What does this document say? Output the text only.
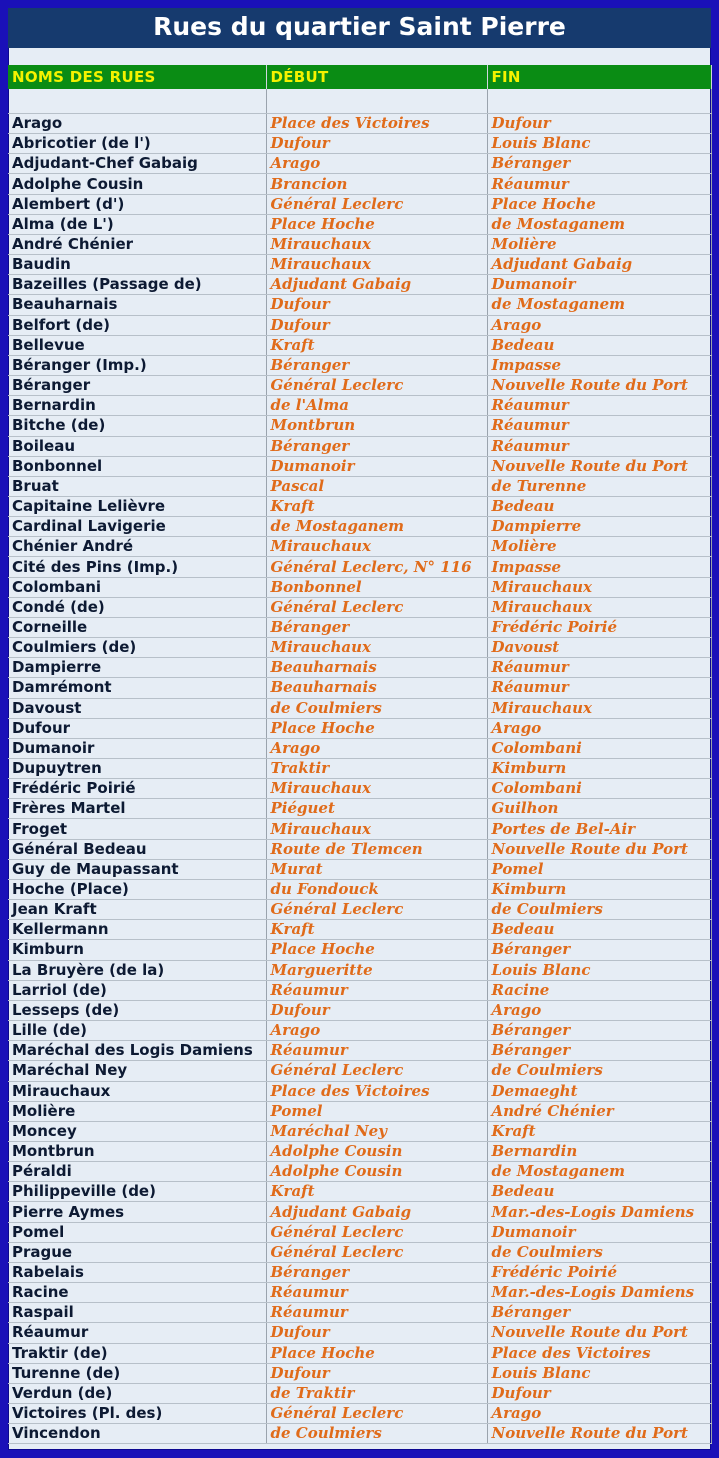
Rues du quartier Saint Pierre
NOMS DES RUES	DÉBUT	FIN

Arago	Place des Victoires	Dufour
Abricotier (de l')	Dufour	Louis Blanc
Adjudant-Chef Gabaig	Arago	Béranger
Adolphe Cousin	Brancion	Réaumur
Alembert (d')	Général Leclerc	Place Hoche
Alma (de L')	Place Hoche	de Mostaganem
André Chénier	Mirauchaux	Molière
Baudin	Mirauchaux	Adjudant Gabaig
Bazeilles (Passage de)	Adjudant Gabaig	Dumanoir
Beauharnais	Dufour	de Mostaganem
Belfort (de)	Dufour	Arago
Bellevue	Kraft	Bedeau
Béranger (Imp.)	Béranger	Impasse
Béranger	Général Leclerc	Nouvelle Route du Port
Bernardin	de l'Alma	Réaumur
Bitche (de)	Montbrun	Réaumur
Boileau	Béranger	Réaumur
Bonbonnel	Dumanoir	Nouvelle Route du Port
Bruat	Pascal	de Turenne
Capitaine Lelièvre	Kraft	Bedeau
Cardinal Lavigerie	de Mostaganem	Dampierre
Chénier André	Mirauchaux	Molière
Cité des Pins (Imp.)	Général Leclerc, N° 116	Impasse
Colombani	Bonbonnel	Mirauchaux
Condé (de)	Général Leclerc	Mirauchaux
Corneille	Béranger	Frédéric Poirié
Coulmiers (de)	Mirauchaux	Davoust
Dampierre	Beauharnais	Réaumur
Damrémont	Beauharnais	Réaumur
Davoust	de Coulmiers	Mirauchaux
Dufour	Place Hoche	Arago
Dumanoir	Arago	Colombani
Dupuytren	Traktir	Kimburn
Frédéric Poirié	Mirauchaux	Colombani
Frères Martel	Piéguet	Guilhon
Froget	Mirauchaux	Portes de Bel-Air
Général Bedeau	Route de Tlemcen	Nouvelle Route du Port
Guy de Maupassant	Murat	Pomel
Hoche (Place)	du Fondouck	Kimburn
Jean Kraft	Général Leclerc	de Coulmiers
Kellermann	Kraft	Bedeau
Kimburn	Place Hoche	Béranger
La Bruyère (de la)	Margueritte	Louis Blanc
Larriol (de)	Réaumur	Racine
Lesseps (de)	Dufour	Arago
Lille (de)	Arago	Béranger
Maréchal des Logis Damiens	Réaumur	Béranger
Maréchal Ney	Général Leclerc	de Coulmiers
Mirauchaux	Place des Victoires	Demaeght
Molière	Pomel	André Chénier
Moncey	Maréchal Ney	Kraft
Montbrun	Adolphe Cousin	Bernardin
Péraldi	Adolphe Cousin	de Mostaganem
Philippeville (de)	Kraft	Bedeau
Pierre Aymes	Adjudant Gabaig	Mar.-des-Logis Damiens
Pomel	Général Leclerc	Dumanoir
Prague	Général Leclerc	de Coulmiers
Rabelais	Béranger	Frédéric Poirié
Racine	Réaumur	Mar.-des-Logis Damiens
Raspail	Réaumur	Béranger
Réaumur	Dufour	Nouvelle Route du Port
Traktir (de)	Place Hoche	Place des Victoires
Turenne (de)	Dufour	Louis Blanc
Verdun (de)	de Traktir	Dufour
Victoires (Pl. des)	Général Leclerc	Arago
Vincendon	de Coulmiers	Nouvelle Route du Port
